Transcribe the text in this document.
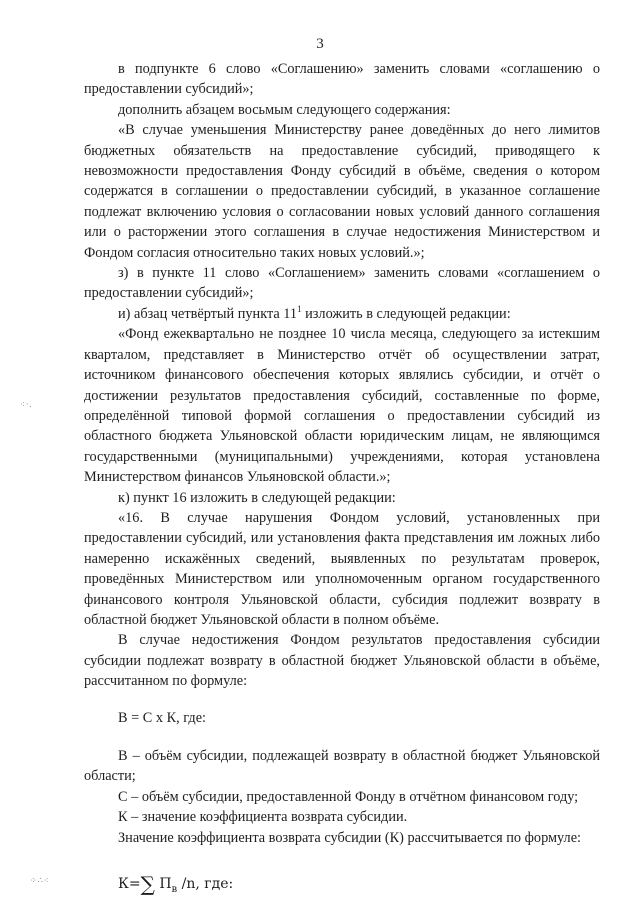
3

в подпункте 6 слово «Соглашению» заменить словами «соглашению о предоставлении субсидий»;

дополнить абзацем восьмым следующего содержания:

«В случае уменьшения Министерству ранее доведённых до него лимитов бюджетных обязательств на предоставление субсидий, приводящего к невозможности предоставления Фонду субсидий в объёме, сведения о котором содержатся в соглашении о предоставлении субсидий, в указанное соглашение подлежат включению условия о согласовании новых условий данного соглашения или о расторжении этого соглашения в случае недостижения Министерством и Фондом согласия относительно таких новых условий.»;

з) в пункте 11 слово «Соглашением» заменить словами «соглашением о предоставлении субсидий»;

и) абзац четвёртый пункта $11^1$ изложить в следующей редакции:

«Фонд ежеквартально не позднее 10 числа месяца, следующего за истекшим кварталом, представляет в Министерство отчёт об осуществлении затрат, источником финансового обеспечения которых являлись субсидии, и отчёт о достижении результатов предоставления субсидий, составленные по форме, определённой типовой формой соглашения о предоставлении субсидий из областного бюджета Ульяновской области юридическим лицам, не являющимся государственными (муниципальными) учреждениями, которая установлена Министерством финансов Ульяновской области.»;

к) пункт 16 изложить в следующей редакции:

«16. В случае нарушения Фондом условий, установленных при предоставлении субсидий, или установления факта представления им ложных либо намеренно искажённых сведений, выявленных по результатам проверок, проведённых Министерством или уполномоченным органом государственного финансового контроля Ульяновской области, субсидия подлежит возврату в областной бюджет Ульяновской области в полном объёме.

В случае недостижения Фондом результатов предоставления субсидии субсидии подлежат возврату в областной бюджет Ульяновской области в объёме, рассчитанном по формуле:

В = С х К, где:

В – объём субсидии, подлежащей возврату в областной бюджет Ульяновской области;

С – объём субсидии, предоставленной Фонду в отчётном финансовом году;

К – значение коэффициента возврата субсидии.

Значение коэффициента возврата субсидии (К) рассчитывается по формуле:

К=∑ $П_в$ /n, где:

⁖·.
⁘∴⁖
